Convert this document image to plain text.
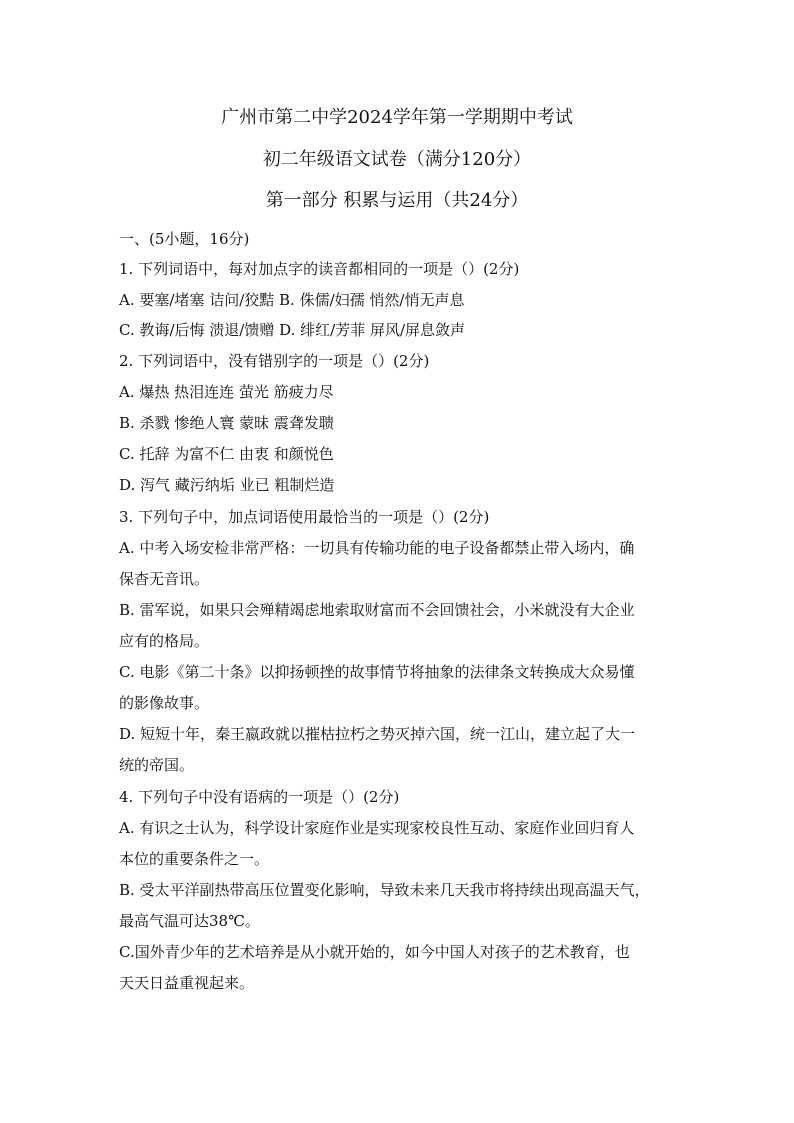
广州市第二中学2024学年第一学期期中考试
初二年级语文试卷（满分120分）
第一部分 积累与运用（共24分）
一、(5小题，16分)
1. 下列词语中，每对加点字的读音都相同的一项是（）(2分)
A. 要塞/堵塞 诘问/狡黠 B. 侏儒/妇孺 悄然/悄无声息
C. 教诲/后悔 溃退/馈赠 D. 绯红/芳菲 屏风/屏息敛声
2. 下列词语中，没有错别字的一项是（）(2分)
A. 爆热 热泪连连 萤光 筋疲力尽
B. 杀戮 惨绝人寰 蒙昧 震聋发聩
C. 托辞 为富不仁 由衷 和颜悦色
D. 泻气 藏污纳垢 业已 粗制烂造
3. 下列句子中，加点词语使用最恰当的一项是（）(2分)
A. 中考入场安检非常严格：一切具有传输功能的电子设备都禁止带入场内，确
保杳无音讯。
B. 雷军说，如果只会殚精竭虑地索取财富而不会回馈社会，小米就没有大企业
应有的格局。
C. 电影《第二十条》以抑扬顿挫的故事情节将抽象的法律条文转换成大众易懂
的影像故事。
D. 短短十年，秦王嬴政就以摧枯拉朽之势灭掉六国，统一江山，建立起了大一
统的帝国。
4. 下列句子中没有语病的一项是（）(2分)
A. 有识之士认为，科学设计家庭作业是实现家校良性互动、家庭作业回归育人
本位的重要条件之一。
B. 受太平洋副热带高压位置变化影响，导致未来几天我市将持续出现高温天气，
最高气温可达38℃。
C.国外青少年的艺术培养是从小就开始的，如今中国人对孩子的艺术教育，也
天天日益重视起来。
